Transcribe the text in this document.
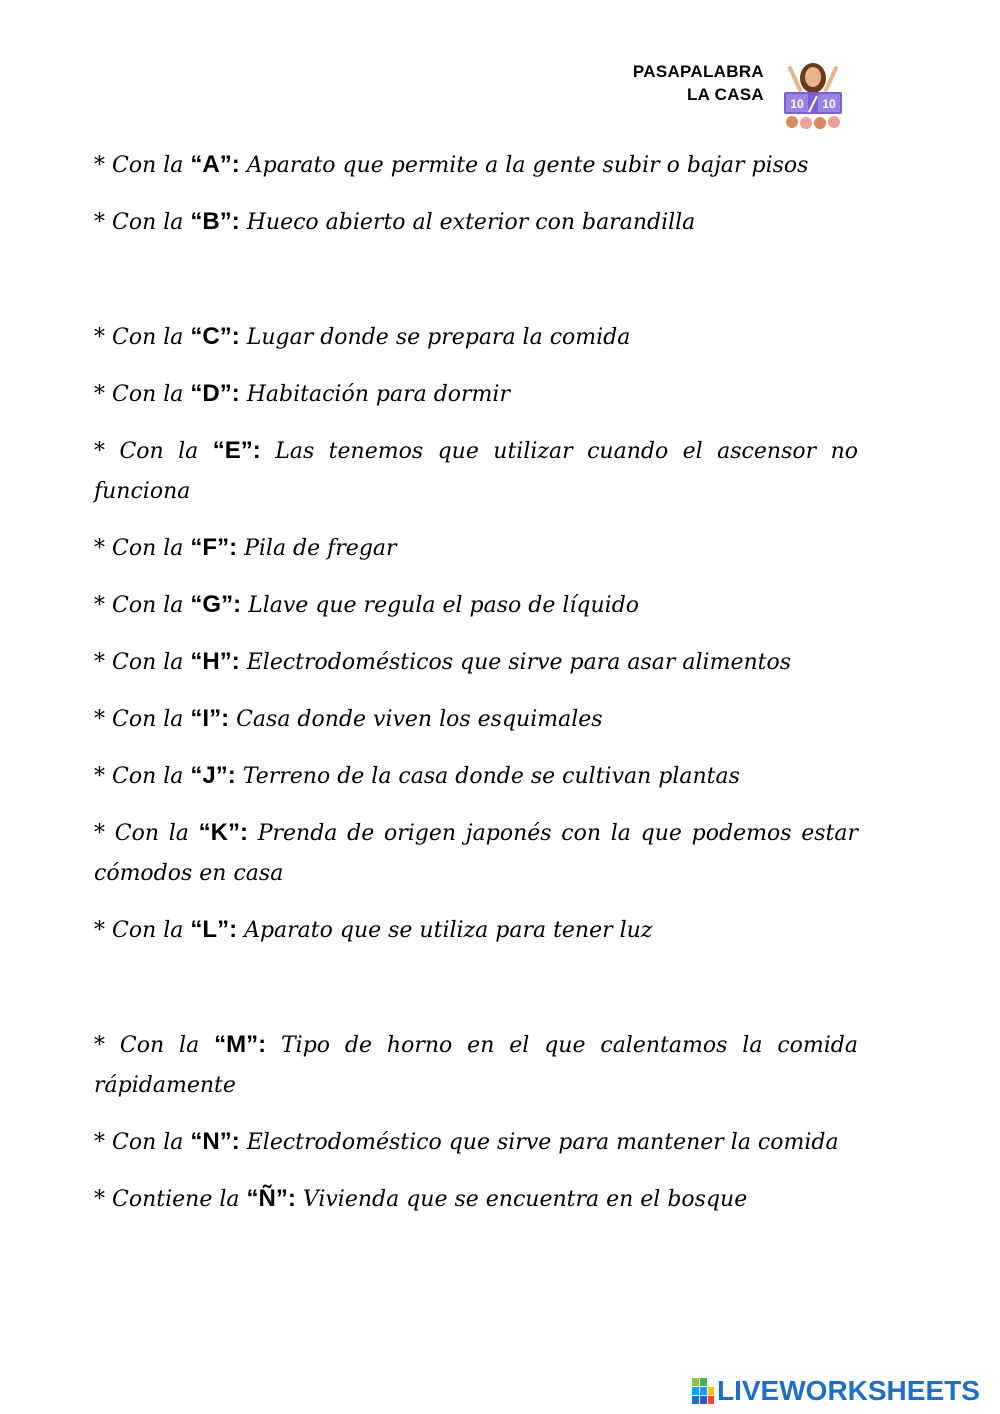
PASAPALABRA
LA CASA 10 10

* Con la “A”: Aparato que permite a la gente subir o bajar pisos

* Con la “B”: Hueco abierto al exterior con barandilla

* Con la “C”: Lugar donde se prepara la comida

* Con la “D”: Habitación para dormir

* Con la “E”: Las tenemos que utilizar cuando el ascensor no funciona

* Con la “F”: Pila de fregar

* Con la “G”: Llave que regula el paso de líquido

* Con la “H”: Electrodomésticos que sirve para asar alimentos

* Con la “I”: Casa donde viven los esquimales

* Con la “J”: Terreno de la casa donde se cultivan plantas

* Con la “K”: Prenda de origen japonés con la que podemos estar cómodos en casa

* Con la “L”: Aparato que se utiliza para tener luz

* Con la “M”: Tipo de horno en el que calentamos la comida rápidamente

* Con la “N”: Electrodoméstico que sirve para mantener la comida

* Contiene la “Ñ”: Vivienda que se encuentra en el bosque

LIVEWORKSHEETS
